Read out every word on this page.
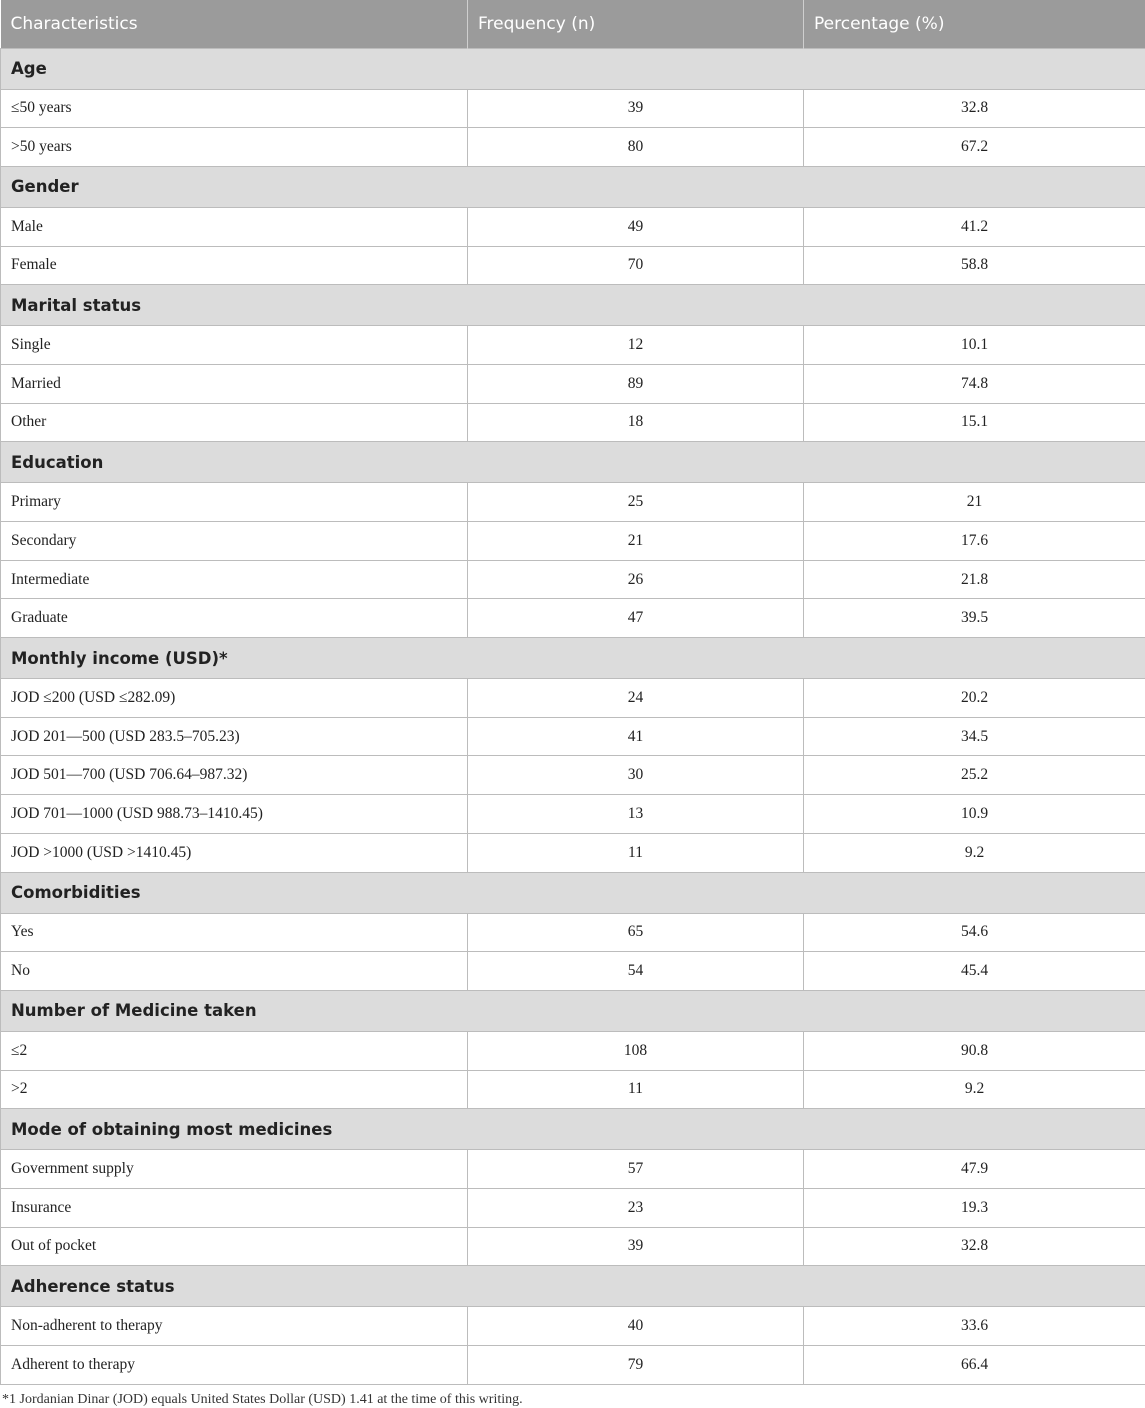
Characteristics	Frequency (n)	Percentage (%)
Age		
≤50 years	39	32.8
>50 years	80	67.2
Gender		
Male	49	41.2
Female	70	58.8
Marital status		
Single	12	10.1
Married	89	74.8
Other	18	15.1
Education		
Primary	25	21
Secondary	21	17.6
Intermediate	26	21.8
Graduate	47	39.5
Monthly income (USD)*		
JOD ≤200 (USD ≤282.09)	24	20.2
JOD 201—500 (USD 283.5–705.23)	41	34.5
JOD 501—700 (USD 706.64–987.32)	30	25.2
JOD 701—1000 (USD 988.73–1410.45)	13	10.9
JOD >1000 (USD >1410.45)	11	9.2
Comorbidities		
Yes	65	54.6
No	54	45.4
Number of Medicine taken		
≤2	108	90.8
>2	11	9.2
Mode of obtaining most medicines		
Government supply	57	47.9
Insurance	23	19.3
Out of pocket	39	32.8
Adherence status		
Non-adherent to therapy	40	33.6
Adherent to therapy	79	66.4
*1 Jordanian Dinar (JOD) equals United States Dollar (USD) 1.41 at the time of this writing.
